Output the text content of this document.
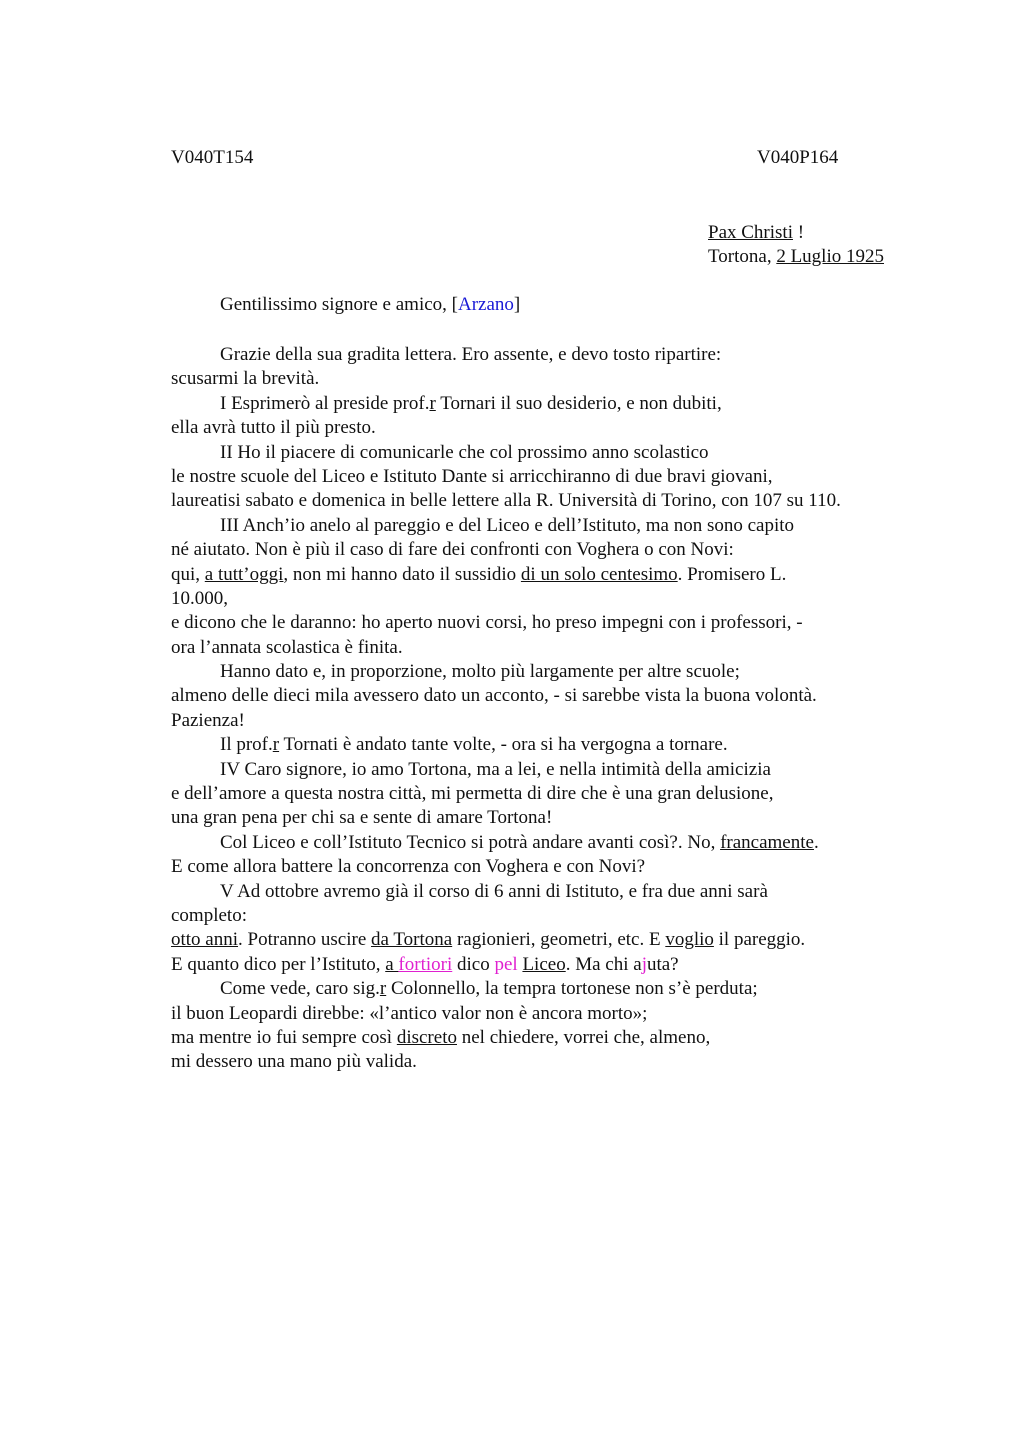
V040T154	V040P164
Pax Christi !
Tortona, 2 Luglio 1925
Gentilissimo signore e amico, [Arzano]
Grazie della sua gradita lettera. Ero assente, e devo tosto ripartire:
scusarmi la brevità.
I Esprimerò al preside prof.r Tornari il suo desiderio, e non dubiti,
ella avrà tutto il più presto.
II Ho il piacere di comunicarle che col prossimo anno scolastico
le nostre scuole del Liceo e Istituto Dante si arricchiranno di due bravi giovani,
laureatisi sabato e domenica in belle lettere alla R. Università di Torino, con 107 su 110.
III Anch’io anelo al pareggio e del Liceo e dell’Istituto, ma non sono capito
né aiutato. Non è più il caso di fare dei confronti con Voghera o con Novi:
qui, a tutt’oggi, non mi hanno dato il sussidio di un solo centesimo. Promisero L.
10.000,
e dicono che le daranno: ho aperto nuovi corsi, ho preso impegni con i professori, -
ora l’annata scolastica è finita.
Hanno dato e, in proporzione, molto più largamente per altre scuole;
almeno delle dieci mila avessero dato un acconto, - si sarebbe vista la buona volontà.
Pazienza!
Il prof.r Tornati è andato tante volte, - ora si ha vergogna a tornare.
IV Caro signore, io amo Tortona, ma a lei, e nella intimità della amicizia
e dell’amore a questa nostra città, mi permetta di dire che è una gran delusione,
una gran pena per chi sa e sente di amare Tortona!
Col Liceo e coll’Istituto Tecnico si potrà andare avanti così?. No, francamente.
E come allora battere la concorrenza con Voghera e con Novi?
V Ad ottobre avremo già il corso di 6 anni di Istituto, e fra due anni sarà
completo:
otto anni. Potranno uscire da Tortona ragionieri, geometri, etc. E voglio il pareggio.
E quanto dico per l’Istituto, a fortiori dico pel Liceo. Ma chi ajuta?
Come vede, caro sig.r Colonnello, la tempra tortonese non s’è perduta;
il buon Leopardi direbbe: «l’antico valor non è ancora morto»;
ma mentre io fui sempre così discreto nel chiedere, vorrei che, almeno,
mi dessero una mano più valida.
